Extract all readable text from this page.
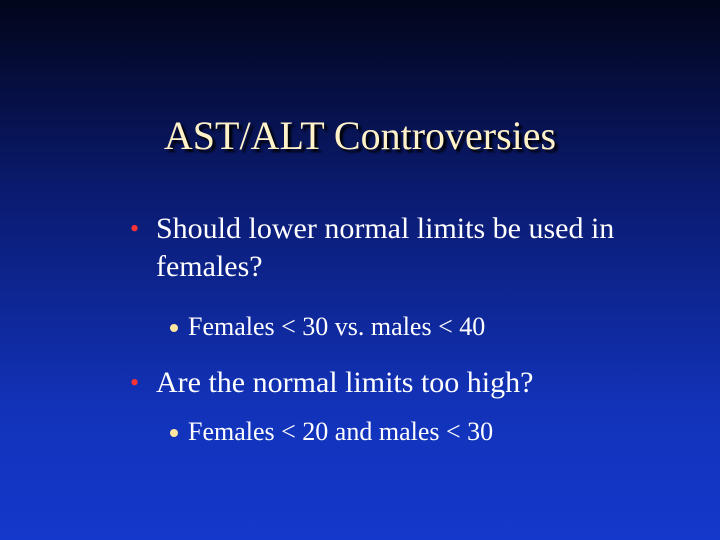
AST/ALT Controversies
• Should lower normal limits be used in females?
Females < 30 vs. males < 40
• Are the normal limits too high?
Females < 20 and males < 30
